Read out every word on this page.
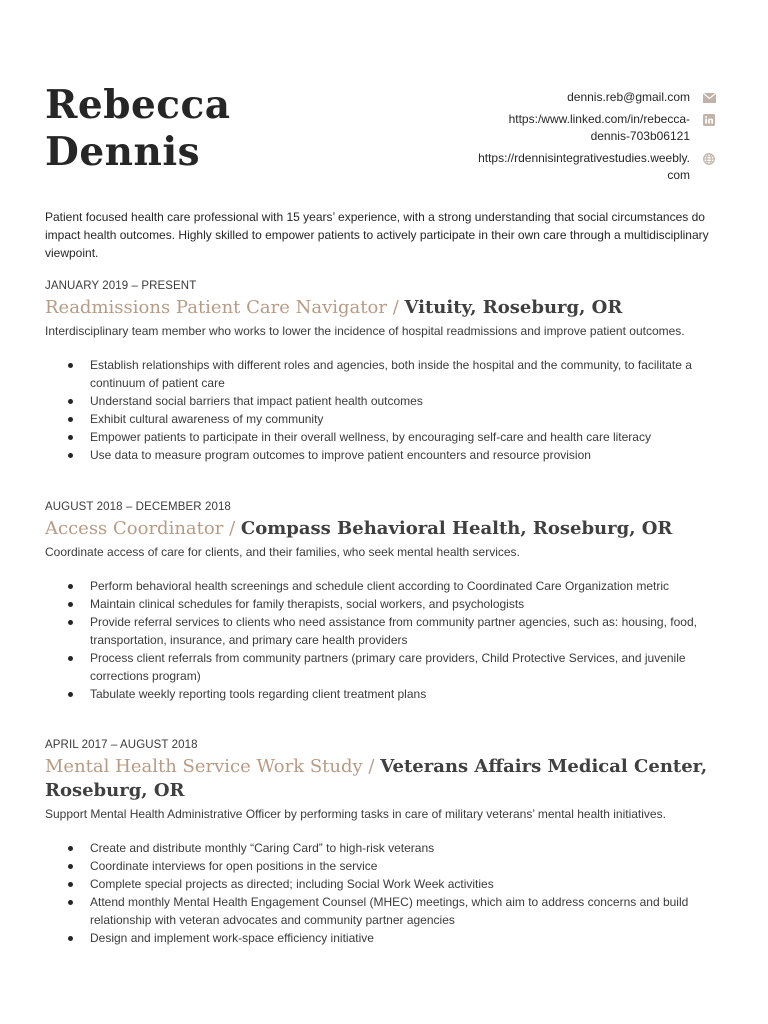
Rebecca
Dennis
dennis.reb@gmail.com
https:/www.linked.com/in/rebecca-
dennis-703b06121
https://rdennisintegrativestudies.weebly.
com
Patient focused health care professional with 15 years’ experience, with a strong understanding that social circumstances do impact health outcomes. Highly skilled to empower patients to actively participate in their own care through a multidisciplinary viewpoint.
JANUARY 2019 – PRESENT
Readmissions Patient Care Navigator / Vituity, Roseburg, OR
Interdisciplinary team member who works to lower the incidence of hospital readmissions and improve patient outcomes.
Establish relationships with different roles and agencies, both inside the hospital and the community, to facilitate a continuum of patient care
Understand social barriers that impact patient health outcomes
Exhibit cultural awareness of my community
Empower patients to participate in their overall wellness, by encouraging self-care and health care literacy
Use data to measure program outcomes to improve patient encounters and resource provision
AUGUST 2018 – DECEMBER 2018
Access Coordinator / Compass Behavioral Health, Roseburg, OR
Coordinate access of care for clients, and their families, who seek mental health services.
Perform behavioral health screenings and schedule client according to Coordinated Care Organization metric
Maintain clinical schedules for family therapists, social workers, and psychologists
Provide referral services to clients who need assistance from community partner agencies, such as: housing, food, transportation, insurance, and primary care health providers
Process client referrals from community partners (primary care providers, Child Protective Services, and juvenile corrections program)
Tabulate weekly reporting tools regarding client treatment plans
APRIL 2017 – AUGUST 2018
Mental Health Service Work Study / Veterans Affairs Medical Center, Roseburg, OR
Support Mental Health Administrative Officer by performing tasks in care of military veterans’ mental health initiatives.
Create and distribute monthly “Caring Card” to high-risk veterans
Coordinate interviews for open positions in the service
Complete special projects as directed; including Social Work Week activities
Attend monthly Mental Health Engagement Counsel (MHEC) meetings, which aim to address concerns and build relationship with veteran advocates and community partner agencies
Design and implement work-space efficiency initiative
